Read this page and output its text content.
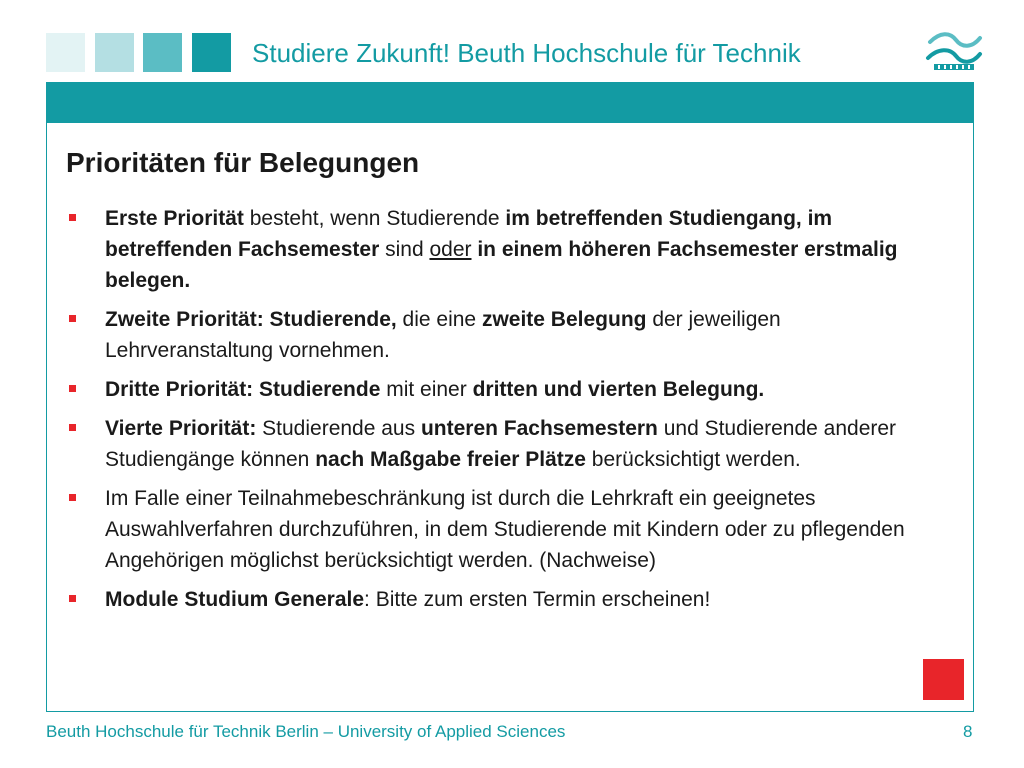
Studiere Zukunft! Beuth Hochschule für Technik
Prioritäten für Belegungen
Erste Priorität besteht, wenn Studierende im betreffenden Studiengang, im betreffenden Fachsemester sind oder in einem höheren Fachsemester erstmalig belegen.
Zweite Priorität: Studierende, die eine zweite Belegung der jeweiligen Lehrveranstaltung vornehmen.
Dritte Priorität: Studierende mit einer dritten und vierten Belegung.
Vierte Priorität: Studierende aus unteren Fachsemestern und Studierende anderer Studiengänge können nach Maßgabe freier Plätze berücksichtigt werden.
Im Falle einer Teilnahmebeschränkung ist durch die Lehrkraft ein geeignetes Auswahlverfahren durchzuführen, in dem Studierende mit Kindern oder zu pflegenden Angehörigen möglichst berücksichtigt werden. (Nachweise)
Module Studium Generale: Bitte zum ersten Termin erscheinen!
Beuth Hochschule für Technik Berlin – University of Applied Sciences	8
